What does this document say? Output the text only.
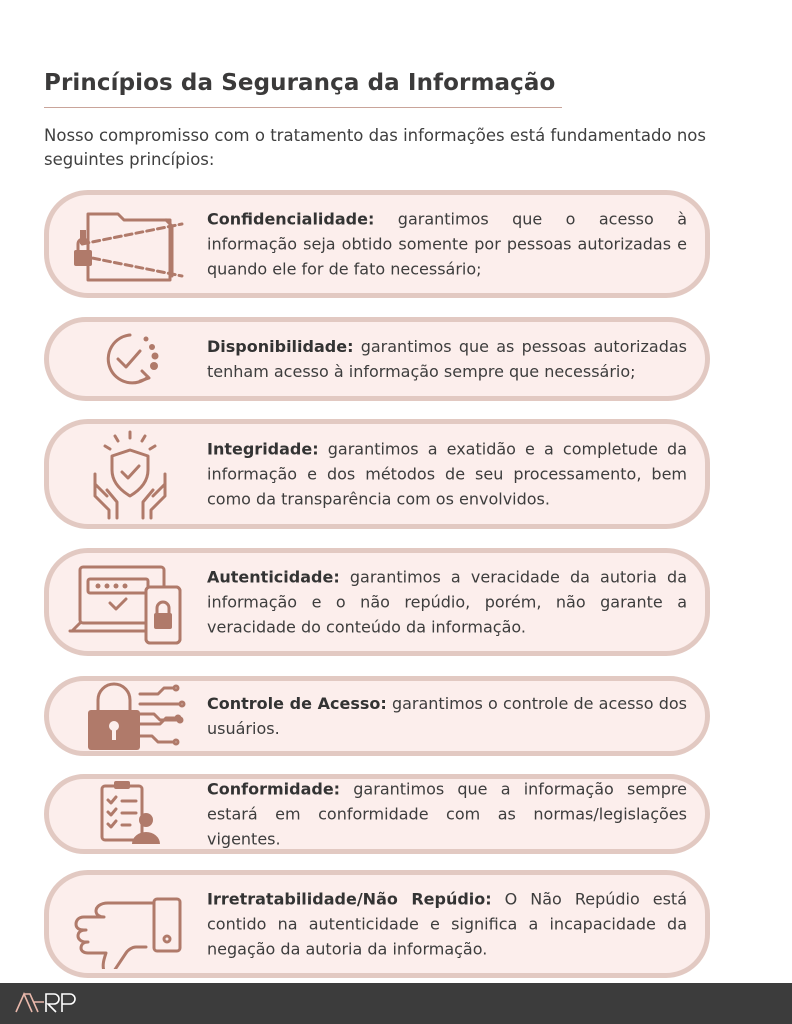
Princípios da Segurança da Informação
Nosso compromisso com o tratamento das informações está fundamentado nos seguintes princípios:
Confidencialidade: garantimos que o acesso à informação seja obtido somente por pessoas autorizadas e quando ele for de fato necessário;
Disponibilidade: garantimos que as pessoas autorizadas tenham acesso à informação sempre que necessário;
Integridade: garantimos a exatidão e a completude da informação e dos métodos de seu processamento, bem como da transparência com os envolvidos.
Autenticidade: garantimos a veracidade da autoria da informação e o não repúdio, porém, não garante a veracidade do conteúdo da informação.
Controle de Acesso: garantimos o controle de acesso dos usuários.
Conformidade: garantimos que a informação sempre estará em conformidade com as normas/legislações vigentes.
Irretratabilidade/Não Repúdio: O Não Repúdio está contido na autenticidade e significa a incapacidade da negação da autoria da informação.
